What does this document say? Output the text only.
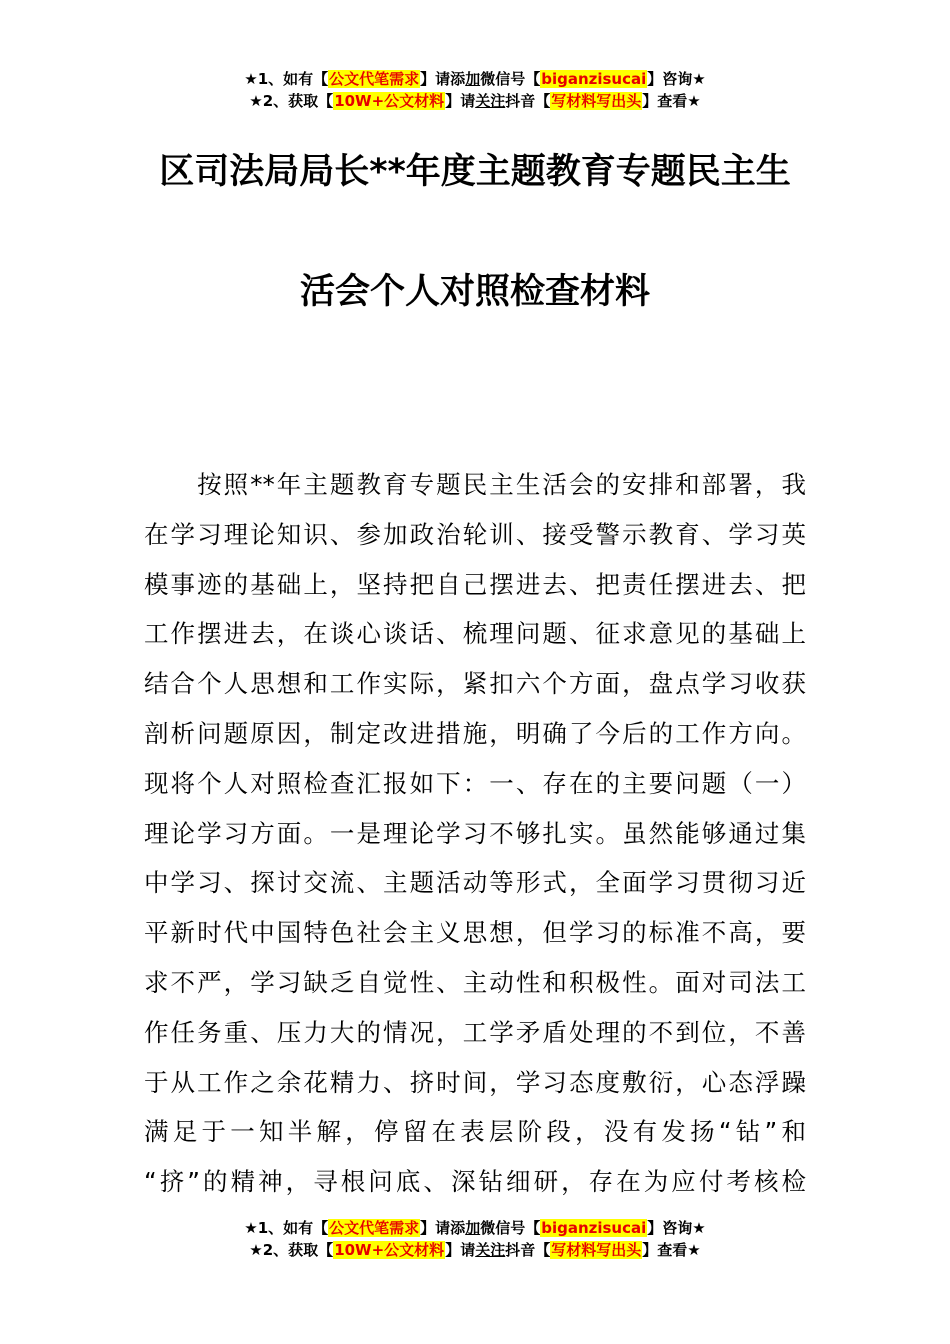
★1、如有【公文代笔需求】请添加微信号【biganzisucai】咨询★
★2、获取【10W+公文材料】请关注抖音【写材料写出头】查看★
区司法局局长**年度主题教育专题民主生
活会个人对照检查材料
　　按照**年主题教育专题民主生活会的安排和部署，我
在学习理论知识、参加政治轮训、接受警示教育、学习英
模事迹的基础上，坚持把自己摆进去、把责任摆进去、把
工作摆进去，在谈心谈话、梳理问题、征求意见的基础上
结合个人思想和工作实际，紧扣六个方面，盘点学习收获
剖析问题原因，制定改进措施，明确了今后的工作方向。
现将个人对照检查汇报如下：一、存在的主要问题（一）
理论学习方面。一是理论学习不够扎实。虽然能够通过集
中学习、探讨交流、主题活动等形式，全面学习贯彻习近
平新时代中国特色社会主义思想，但学习的标准不高，要
求不严，学习缺乏自觉性、主动性和积极性。面对司法工
作任务重、压力大的情况，工学矛盾处理的不到位，不善
于从工作之余花精力、挤时间，学习态度敷衍，心态浮躁
满足于一知半解，停留在表层阶段，没有发扬“钻”和
“挤”的精神，寻根问底、深钻细研，存在为应付考核检
★1、如有【公文代笔需求】请添加微信号【biganzisucai】咨询★
★2、获取【10W+公文材料】请关注抖音【写材料写出头】查看★
